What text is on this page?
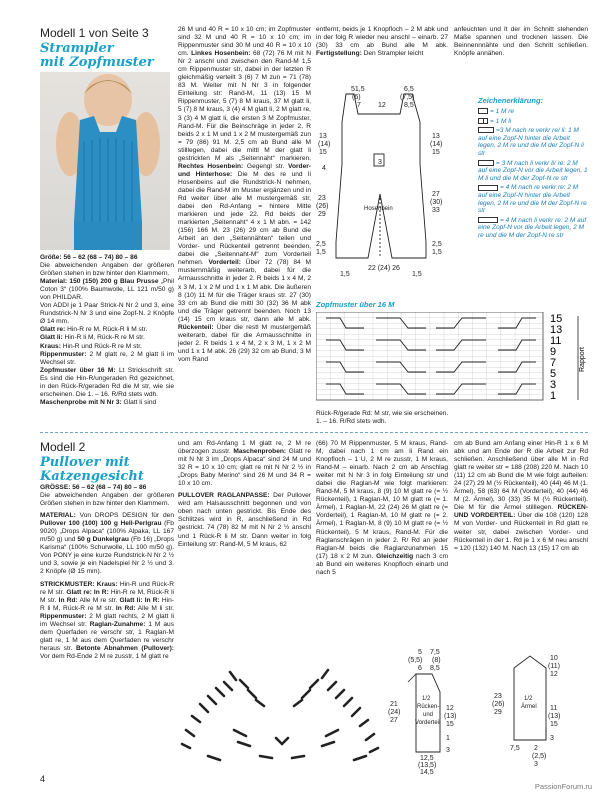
Modell 1 von Seite 3
Strampler
mit Zopfmuster
Größe: 56 – 62 (68 – 74) 80 – 86
Die abweichenden Angaben der größeren Größen stehen in bzw hinter den Klammern.
Material: 150 (150) 200 g Blau Prusse „Phil Coton 3“ (100% Baumwolle, LL 121 m/50 g) von PHILDAR.
Von ADDI je 1 Paar Strick-N Nr 2 und 3, eine Rundstrick-N Nr 3 und eine Zopf-N. 2 Knöpfe Ø 14 mm.
Glatt re: Hin-R re M, Rück-R li M str.
Glatt li: Hin-R li M, Rück-R re M str.
Kraus: Hin-R und Rück-R re M str.
Rippenmuster: 2 M glatt re, 2 M glatt li im Wechsel str.
Zopfmuster über 16 M: Lt Strickschrift str. Es sind die Hin-R/ungeraden Rd gezeichnet, in den Rück-R/geraden Rd die M str, wie sie erscheinen. Die 1. – 16. R/Rd stets wdh.
Maschenprobe mit N Nr 3: Glatt li sind
26 M und 40 R = 10 x 10 cm; im Zopfmuster sind 32 M und 40 R = 10 x 10 cm; im Rippenmuster sind 30 M und 40 R = 10 x 10 cm. Linkes Hosenbein: 68 (72) 76 M mit N Nr 2 anschl und zwischen den Rand-M 1,5 cm Rippenmuster str, dabei in der letzten R gleichmäßig verteilt 3 (6) 7 M zun = 71 (78) 83 M. Weiter mit N Nr 3 in folgender Einteilung str: Rand-M, 11 (13) 15 M Rippenmuster, 5 (7) 8 M kraus, 37 M glatt li, 5 (7) 8 M kraus, 3 (4) 4 M glatt li, 2 M glatt re, 3 (3) 4 M glatt li, die ersten 3 M Zopfmuster, Rand-M. Für die Beinschräge in jeder 2. R beids 2 x 1 M und 1 x 2 M mustergemäß zun = 79 (86) 91 M. 2,5 cm ab Bund alle M stilllegen, dabei die mittl M der glatt li gestrickten M als „Seitennaht“ markieren. Rechtes Hosenbein: Gegengl str. Vorder- und Hinterhose: Die M des re und li Hosenbeins auf die Rundstrick-N nehmen, dabei die Rand-M im Muster ergänzen und in Rd weiter über alle M mustergemäß str, dabei den Rd-Anfang = hintere Mitte markieren und jede 22. Rd beids der markierten „Seitennaht“ 4 x 1 M abn. = 142 (156) 166 M. 23 (26) 29 cm ab Bund die Arbeit an den „Seitennähten“ teilen und Vorder- und Rückenteil getrennt beenden, dabei die „Seitennaht-M“ zum Vorderteil nehmen. Vorderteil: Über 72 (78) 84 M musternmäßig weiterarb, dabei für die Armausschnitte in jeder 2. R beids 1 x 4 M, 2 x 3 M, 1 x 2 M und 1 x 1 M abk. Die äußeren 8 (10) 11 M für die Träger kraus str. 27 (30) 33 cm ab Bund die mittl 30 (32) 36 M abk und die Träger getrennt beenden. Noch 13 (14) 15 cm kraus str, dann alle M abk. Rückenteil: Über die restl M mustergemäß weiterarb, dabei für die Armausschnitte in jeder 2. R beids 1 x 4 M, 2 x 3 M, 1 x 2 M und 1 x 1 M abk. 26 (29) 32 cm ab Bund, 3 M vom Rand
entfernt, beids je 1 Knopfloch – 2 M abk und in der folg R wieder neu anschl – einarb. 27 (30) 33 cm ab Bund alle M abk. Fertigstellung: Den Strampler leicht
anfeuchten und lt der im Schnitt stehenden Maße spannen und trocknen lassen. Die Beinnennnähte und den Schritt schließen. Knöpfe annähen.
51,5
(6)
7 12
6,5
(7,5)
8,5
13
(14)
15
13
(14)
15
4
23
(26)
29
27
(30)
33
2,5
1,5
2,5
1,5
22 (24) 26
1,5	1,5
3
Hosenbein
Zeichenerklärung:
= 1 M re
= 1 M li
=3 M nach re verkr re/ li: 1 M auf eine Zopf-N hinter die Arbeit legen, 2 M re und die M der Zopf-N li str
= 3 M nach li verkr li/ re: 2 M auf eine Zopf-N vor die Arbeit legen, 1 M li und die M der Zopf-N re str
= 4 M nach re verkr re: 2 M auf eine Zopf-N hinter die Arbeit legen, 2 M re und die M der Zopf-N re str
= 4 M nach li verkr re: 2 M auf eine Zopf-N vor die Arbeit legen, 2 M re und die M der Zopf-N re str
Zopfmuster über 16 M
15
13
11
9
7
5
3
1
Rapport
Rück-R/gerade Rd: M str, wie sie erscheinen.
1. – 16. R/Rd stets wdh.
Modell 2
Pullover mit
Katzengesicht
GRÖSSE: 56 – 62 (68 – 74) 80 – 86
Die abweichenden Angaben der größeren Größen stehen in bzw hinter den Klammern.
MATERIAL: Von DROPS DESIGN für den Pullover 100 (100) 100 g Hell-Perlgrau (Fb 9020) „Drops Alpaca“ (100% Alpaka, LL 167 m/50 g) und 50 g Dunkelgrau (Fb 16) „Drops Karisma“ (100% Schurwolle, LL 100 m/50 g). Von PONY je eine kurze Rundstrick-N Nr 2 ½ und 3, sowie je ein Nadelspiel Nr 2 ½ und 3. 2 Knöpfe (Ø 15 mm).
STRICKMUSTER: Kraus: Hin-R und Rück-R re M str. Glatt re: In R: Hin-R re M, Rück-R li M str. In Rd: Alle M re str. Glatt li: In R: Hin-R li M, Rück-R re M str. In Rd: Alle M li str. Rippenmuster: 2 M glatt rechts, 2 M glatt li im Wechsel str. Raglan-Zunahme: 1 M aus dem Querfaden re verschr str, 1 Raglan-M glatt re, 1 M aus dem Querfaden re verschr heraus str. Betonte Abnahmen (Pullover): Vor dem Rd-Ende 2 M re zusstr, 1 M glatt re
und am Rd-Anfang 1 M glatt re, 2 M re überzogen zusstr. Maschenproben: Glatt re mit N Nr 3 im „Drops Alpaca“ sind 24 M und 32 R = 10 x 10 cm; glatt re mit N Nr 2 ½ in „Drops Baby Merino“ sind 26 M und 34 R = 10 x 10 cm.
PULLOVER RAGLANPASSE: Der Pullover wird am Halsausschnitt begonnen und von oben nach unten gestrickt. Bis Ende des Schlitzes wird in R, anschließend in Rd gestrickt. 74 (78) 82 M mit N Nr 2 ½ anschl und 1 Rück-R li M str. Dann weiter in folg Einteilung str: Rand-M, 5 M kraus, 62
(66) 70 M Rippenmuster, 5 M kraus, Rand-M, dabei nach 1 cm am li Rand ein Knopfloch – 1 U, 2 M re zusstr, 1 M kraus, Rand-M – einarb. Nach 2 cm ab Anschlag weiter mit N Nr 3 in folg Einteilung str und dabei die Raglan-M wie folgt markieren: Rand-M, 5 M kraus, 8 (9) 10 M glatt re (= ½ Rückenteil), 1 Raglan-M, 10 M glatt re (= 1. Ärmel), 1 Raglan-M, 22 (24) 26 M glatt re (= Vorderteil), 1 Raglan-M, 10 M glatt re (= 2. Ärmel), 1 Raglan-M, 8 (9) 10 M glatt re (= ½ Rückenteil), 5 M kraus, Rand-M. Für die Raglanschrägen in jeder 2. R/ Rd an jeder Raglan-M beids die Raglanzunahmen 15 (17) 18 x 2 M zun. Gleichzeitig nach 3 cm ab Bund ein weiteres Knopfloch einarb und nach 5
cm ab Bund am Anfang einer Hin-R 1 x 6 M abk und am Ende der R die Arbeit zur Rd schließen. Anschließend über alle M in Rd glatt re weiter str = 188 (208) 220 M. Nach 10 (11) 12 cm ab Bund die M wie folgt aufteilen: 24 (27) 29 M (½ Rückenteil), 40 (44) 46 M (1. Ärmel), 58 (63) 64 M (Vorderteil), 40 (44) 46 M (2. Ärmel), 30 (33) 35 M (½ Rückenteil). Die M für die Ärmel stilllegen. RÜCKEN- UND VORDERTEIL: Über die 108 (120) 128 M von Vorder- und Rückenteil in Rd glatt re weiter str, dabei zwischen Vorder- und Rückenteil in der 1. Rd je 1 x 6 M neu anschl = 120 (132) 140 M. Nach 13 (15) 17 cm ab
5
(5,5)
6
7,5
(8)
8,5
21
(24)
27
1/2
Rücken-
und
Vorderteil
12
(13)
15
1
3
12,5
(13,5)
14,5
10
(11)
12
23
(26)
29
1/2
Ärmel 11
(13)
15
3
7,5 2
(2,5)
3
4
PassionForum.ru
